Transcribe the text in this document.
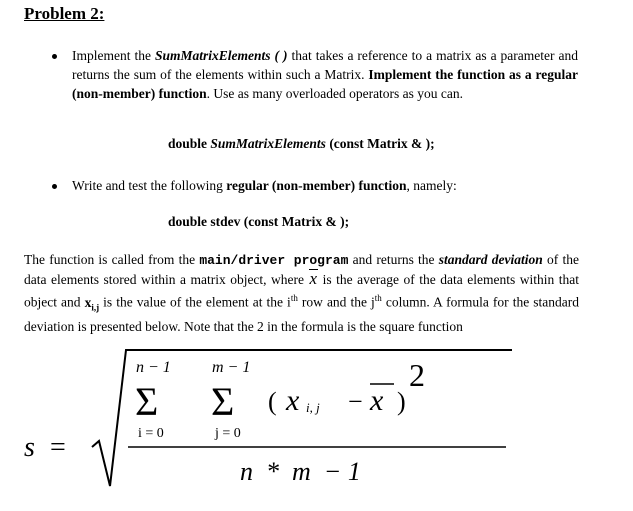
Problem 2:
Implement the SumMatrixElements ( ) that takes a reference to a matrix as a parameter and returns the sum of the elements within such a Matrix. Implement the function as a regular (non-member) function. Use as many overloaded operators as you can.
double SumMatrixElements (const Matrix & );
Write and test the following regular (non-member) function, namely:
double stdev (const Matrix & );
The function is called from the main/driver program and returns the standard deviation of the data elements stored within a matrix object, where x is the average of the data elements within that object and $x_{i,j}$ is the value of the element at the $i^{th}$ row and the $j^{th}$ column. A formula for the standard deviation is presented below. Note that the 2 in the formula is the square function
s =
n − 1
Σ
i = 0
m − 1
Σ
j = 0
( x i, j − x )
2
n  *  m  − 1
